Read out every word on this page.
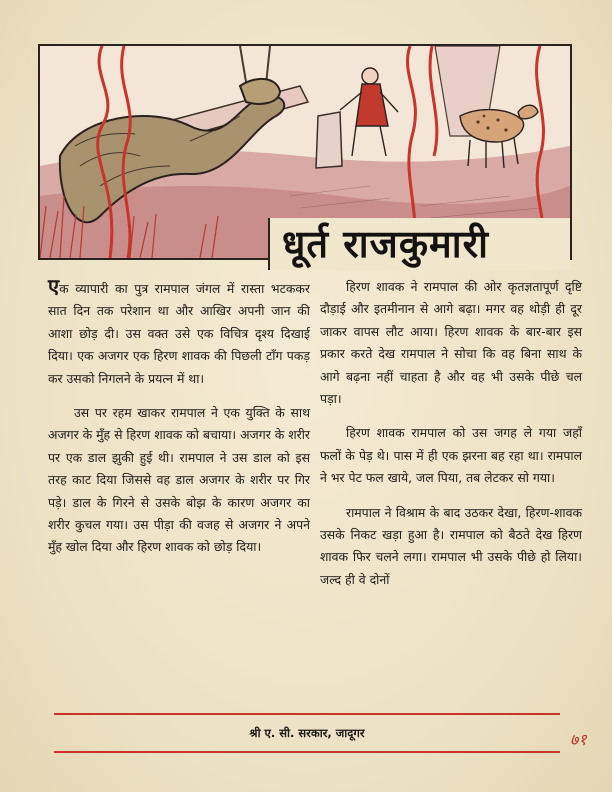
धूर्त राजकुमारी

एक व्यापारी का पुत्र रामपाल जंगल में रास्ता भटककर सात दिन तक परेशान था और आखिर अपनी जान की आशा छोड़ दी। उस वक्त उसे एक विचित्र दृश्य दिखाई दिया। एक अजगर एक हिरण शावक की पिछली टाँग पकड़ कर उसको निगलने के प्रयत्न में था।

उस पर रहम खाकर रामपाल ने एक युक्ति के साथ अजगर के मुँह से हिरण शावक को बचाया। अजगर के शरीर पर एक डाल झुकी हुई थी। रामपाल ने उस डाल को इस तरह काट दिया जिससे वह डाल अजगर के शरीर पर गिर पड़े। डाल के गिरने से उसके बोझ के कारण अजगर का शरीर कुचल गया। उस पीड़ा की वजह से अजगर ने अपने मुँह खोल दिया और हिरण शावक को छोड़ दिया।

हिरण शावक ने रामपाल की ओर कृतज्ञतापूर्ण दृष्टि दौड़ाई और इतमीनान से आगे बढ़ा। मगर वह थोड़ी ही दूर जाकर वापस लौट आया। हिरण शावक के बार-बार इस प्रकार करते देख रामपाल ने सोचा कि वह बिना साथ के आगे बढ़ना नहीं चाहता है और वह भी उसके पीछे चल पड़ा।

हिरण शावक रामपाल को उस जगह ले गया जहाँ फलों के पेड़ थे। पास में ही एक झरना बह रहा था। रामपाल ने भर पेट फल खाये, जल पिया, तब लेटकर सो गया।

रामपाल ने विश्राम के बाद उठकर देखा, हिरण-शावक उसके निकट खड़ा हुआ है। रामपाल को बैठते देख हिरण शावक फिर चलने लगा। रामपाल भी उसके पीछे हो लिया। जल्द ही वे दोनों

श्री ए. सी. सरकार, जादूगर	७१
